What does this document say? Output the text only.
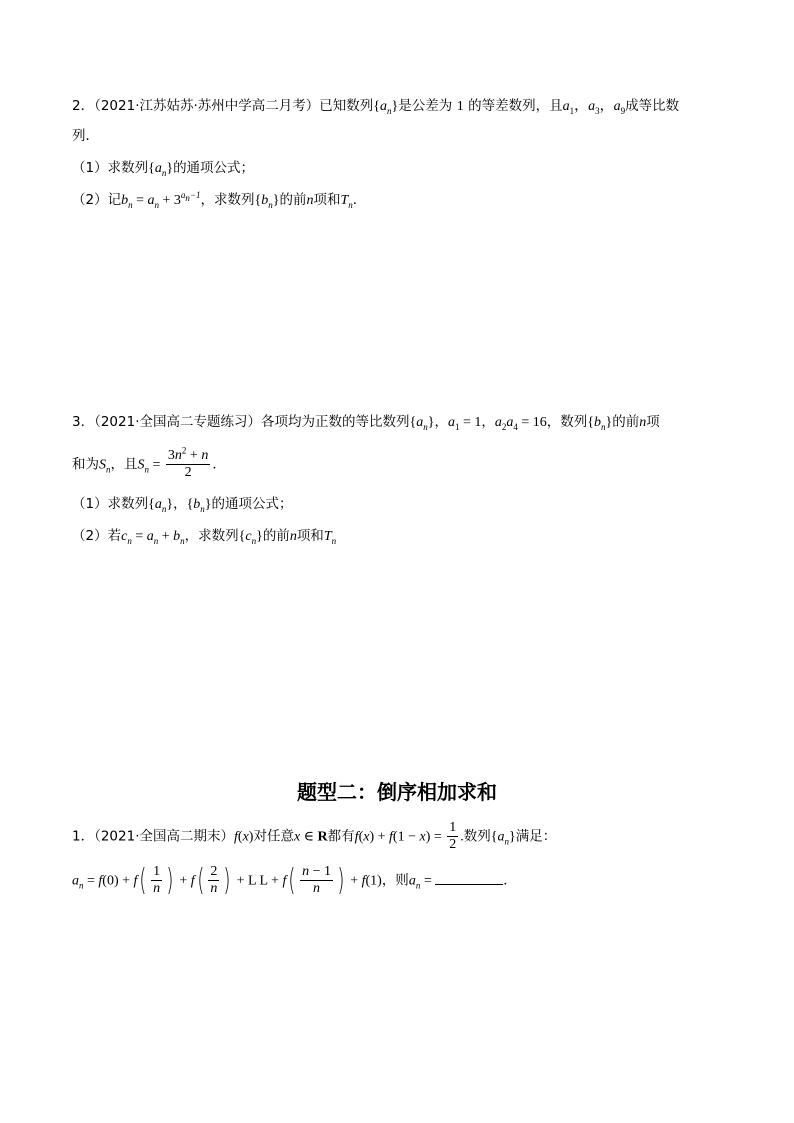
2．（2021·江苏姑苏·苏州中学高二月考）已知数列$\{a_n\}$是公差为 1 的等差数列，且$a_1$，$a_3$，$a_9$成等比数
列．
（1）求数列$\{a_n\}$的通项公式；
（2）记$b_n = a_n + 3^{a_n-1}$，求数列$\{b_n\}$的前n项和$T_n$．
3．（2021·全国高二专题练习）各项均为正数的等比数列$\{a_n\}$，$a_1 = 1$，$a_2a_4 = 16$，数列$\{b_n\}$的前n项
和为$S_n$，且$S_n = \frac{3n^2 + n}{2}$ ．
（1）求数列$\{a_n\}$，$\{b_n\}$的通项公式；
（2）若$c_n = a_n + b_n$，求数列$\{c_n\}$的前n项和$T_n$
题型二：倒序相加求和
1．（2021·全国高二期末）f(x)对任意x ∈ R都有$f(x) + f(1 - x) = \frac{1}{2}$ .数列$\{a_n\}$满足：
$a_n = f(0) + f( \frac{1}{n}$ ) + $f( \frac{2}{n}$ ) + L $L + f( \frac{n - 1}{n}$ ) + f(1)，则$a_n$ =	．
